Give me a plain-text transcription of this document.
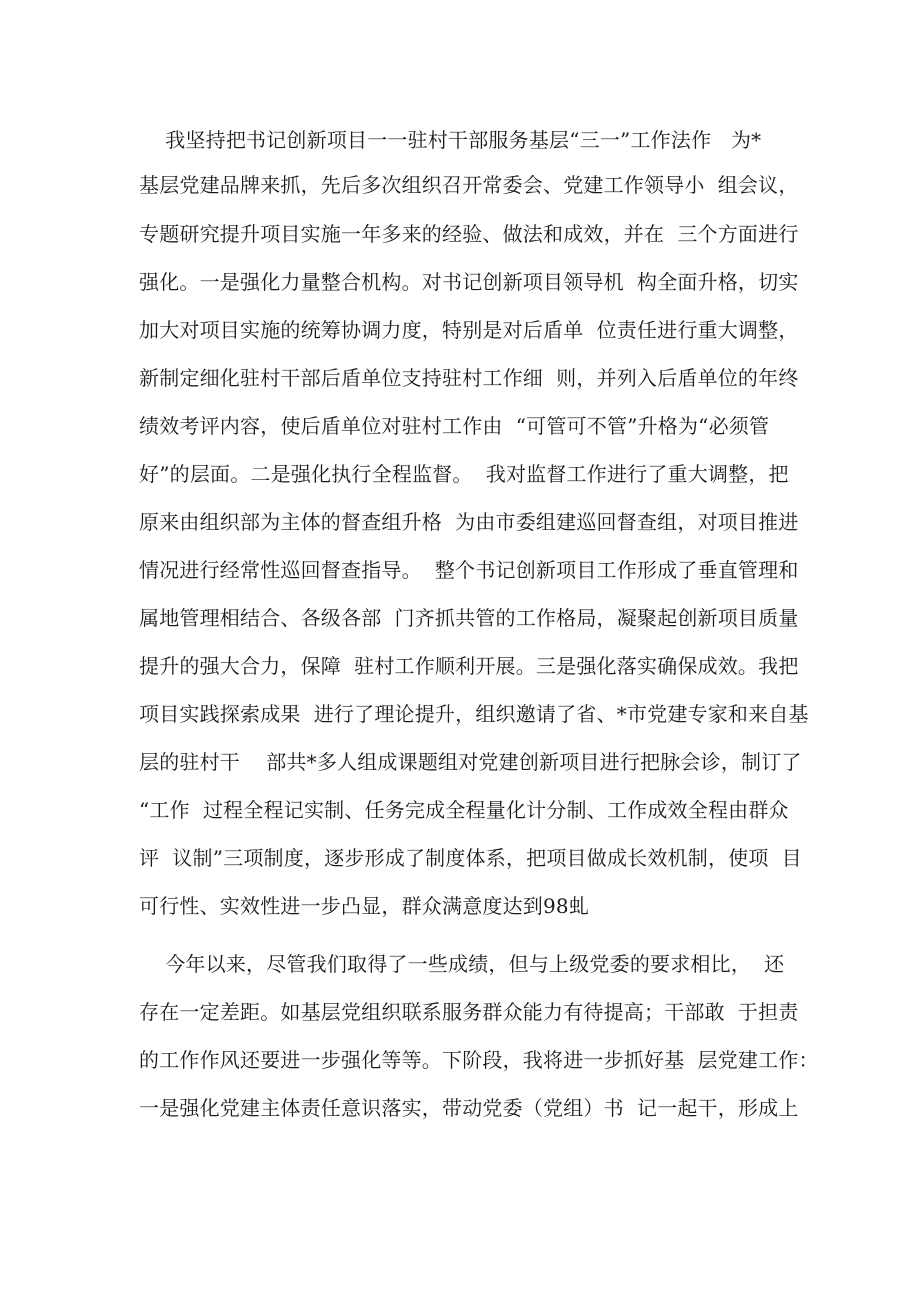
我坚持把书记创新项目一一驻村干部服务基层“三一”工作法作   为*
基层党建品牌来抓，先后多次组织召开常委会、党建工作领导小  组会议，
专题研究提升项目实施一年多来的经验、做法和成效，并在  三个方面进行
强化。一是强化力量整合机构。对书记创新项目领导机  构全面升格，切实
加大对项目实施的统筹协调力度，特别是对后盾单  位责任进行重大调整，
新制定细化驻村干部后盾单位支持驻村工作细  则，并列入后盾单位的年终
绩效考评内容，使后盾单位对驻村工作由  “可管可不管”升格为“必须管
好”的层面。二是强化执行全程监督。  我对监督工作进行了重大调整，把
原来由组织部为主体的督查组升格  为由市委组建巡回督查组，对项目推进
情况进行经常性巡回督查指导。  整个书记创新项目工作形成了垂直管理和
属地管理相结合、各级各部  门齐抓共管的工作格局，凝聚起创新项目质量
提升的强大合力，保障  驻村工作顺利开展。三是强化落实确保成效。我把
项目实践探索成果  进行了理论提升，组织邀请了省、*市党建专家和来自基
层的驻村干    部共*多人组成课题组对党建创新项目进行把脉会诊，制订了
“工作  过程全程记实制、任务完成全程量化计分制、工作成效全程由群众
评  议制”三项制度，逐步形成了制度体系，把项目做成长效机制，使项  目
可行性、实效性进一步凸显，群众满意度达到98虬
今年以来，尽管我们取得了一些成绩，但与上级党委的要求相比，  还
存在一定差距。如基层党组织联系服务群众能力有待提高；干部敢  于担责
的工作作风还要进一步强化等等。下阶段，我将进一步抓好基  层党建工作：
一是强化党建主体责任意识落实，带动党委（党组）书  记一起干，形成上
